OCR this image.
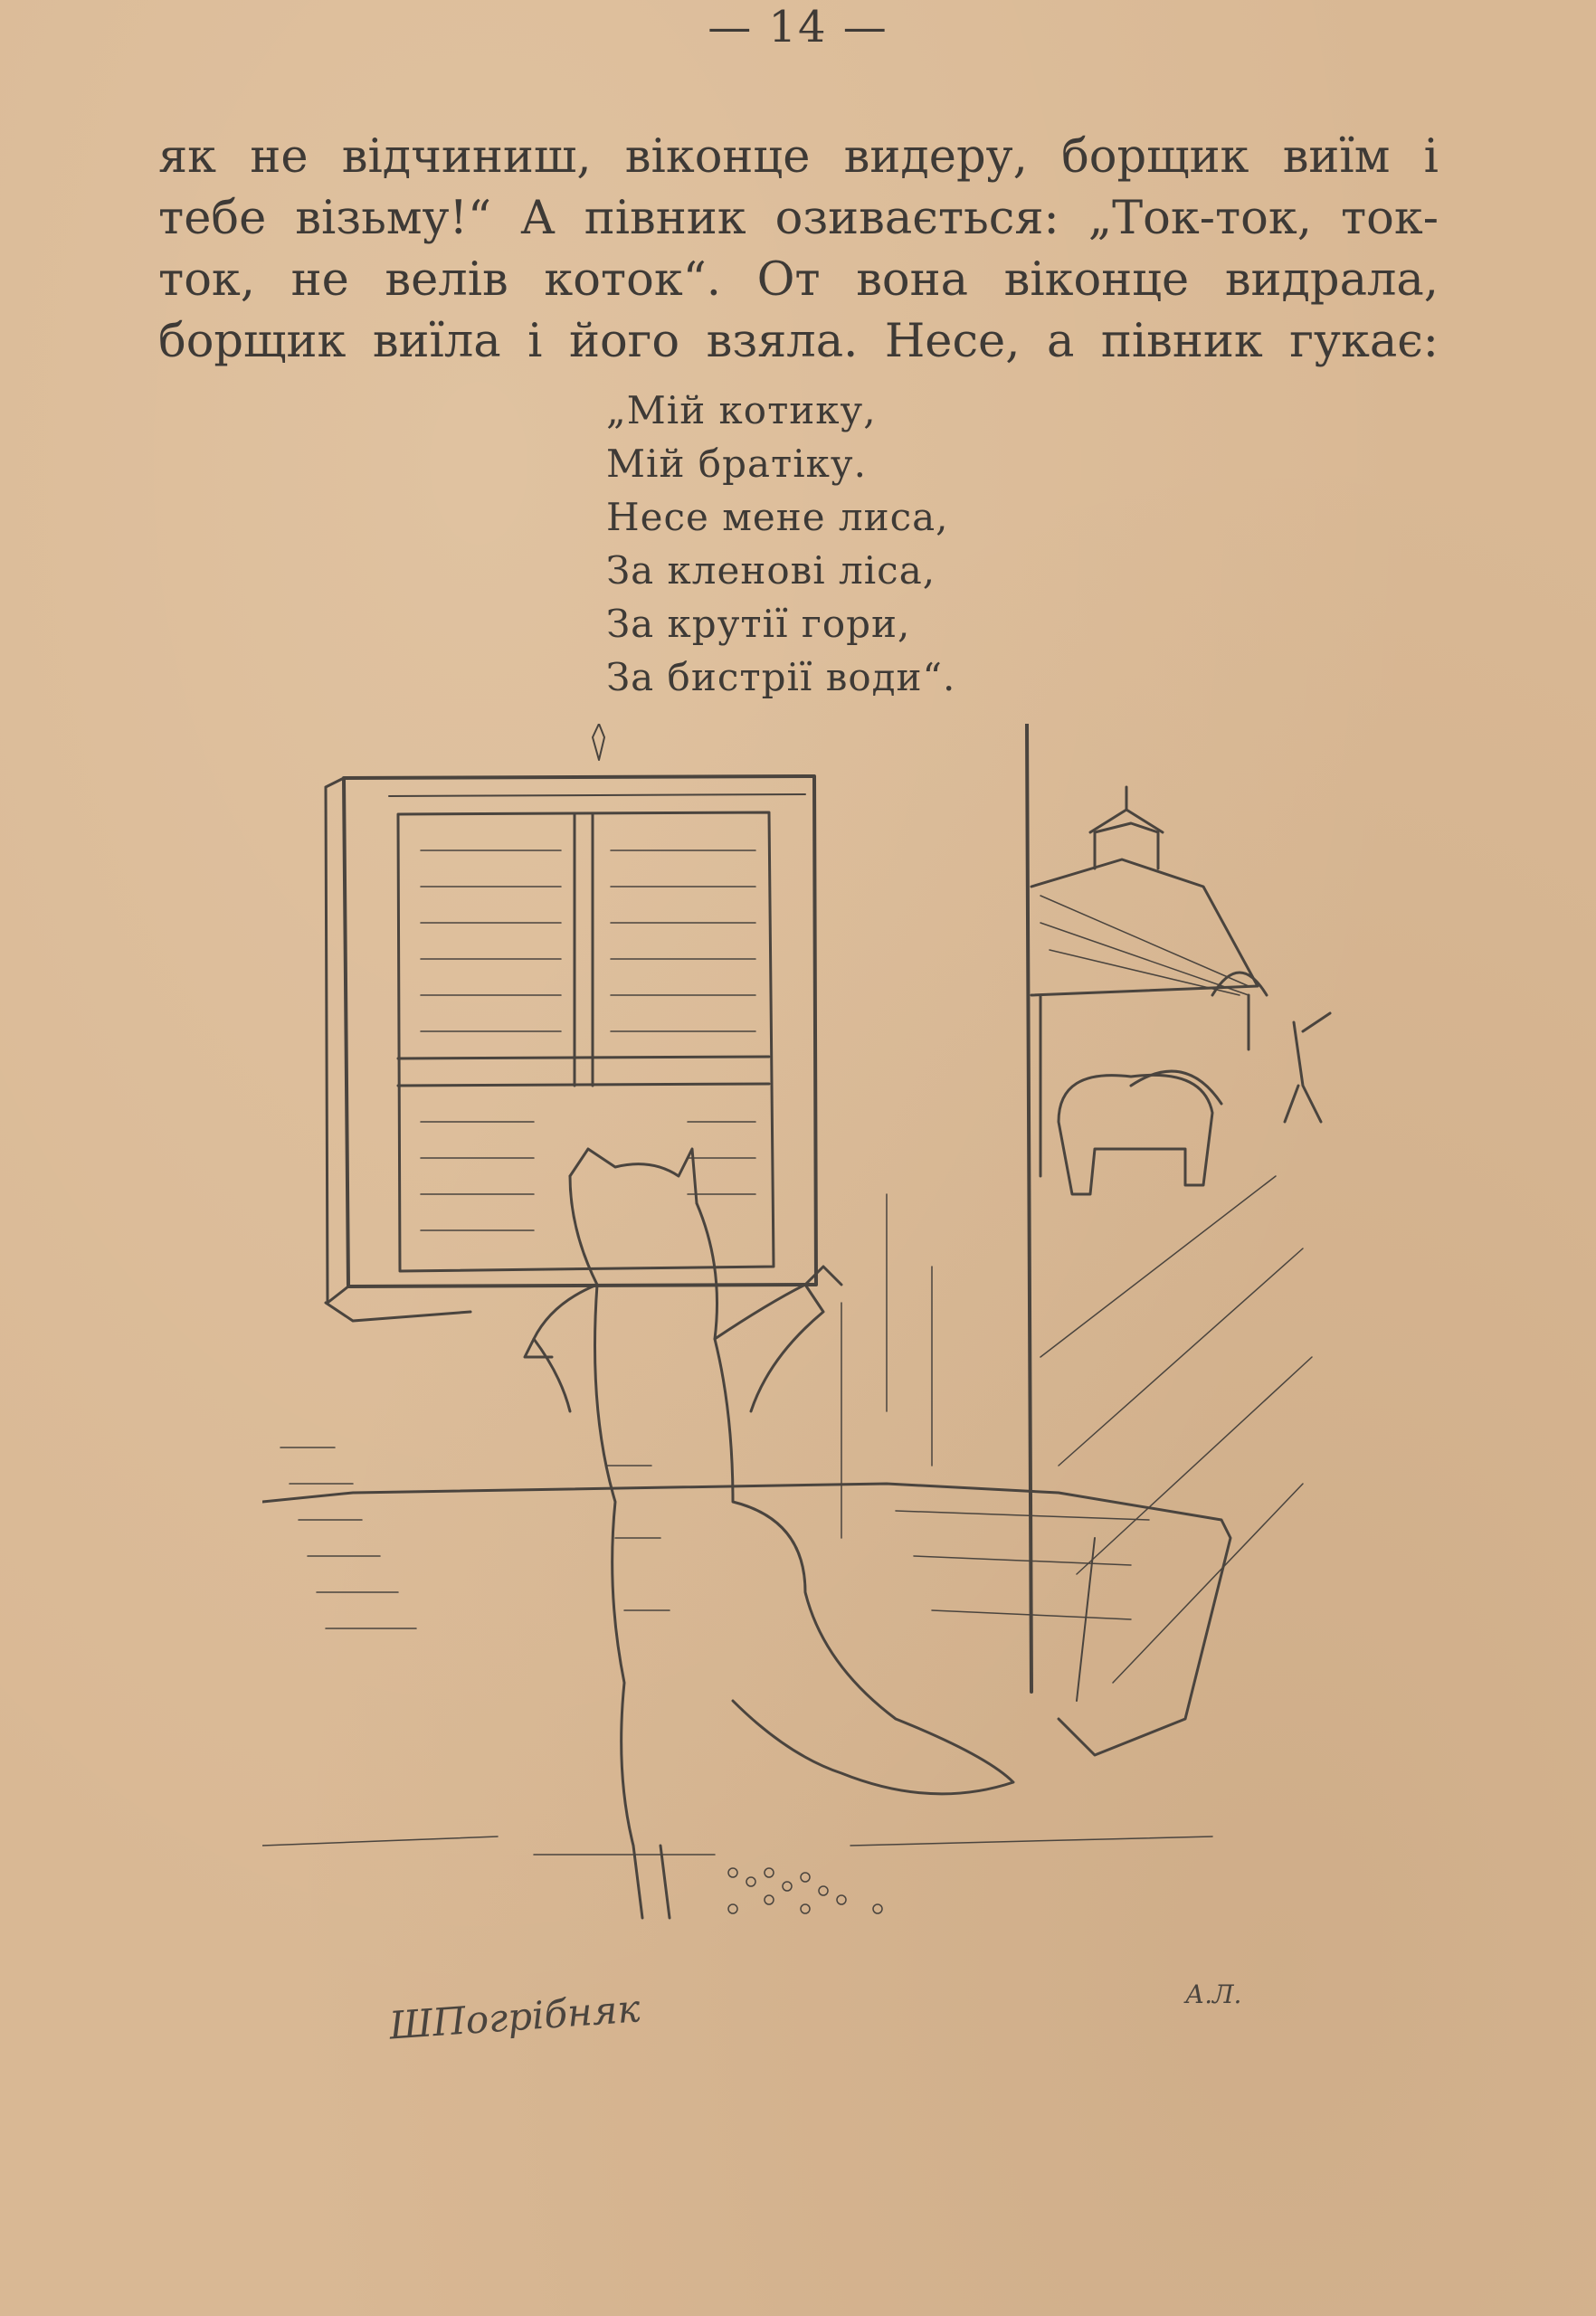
— 14 —
як не відчиниш, віконце видеру, борщик виїм і
тебе візьму!“ А півник озивається: „Ток-ток, ток-
ток, не велів коток“. От вона віконце видрала,
борщик виїла і його взяла. Несе, а півник гукає:
„Мій котику,
Мій братіку.
Несе мене лиса,
За кленові ліса,
За крутії гори,
За бистрії води“.
ШПогрібняк	А.Л.
